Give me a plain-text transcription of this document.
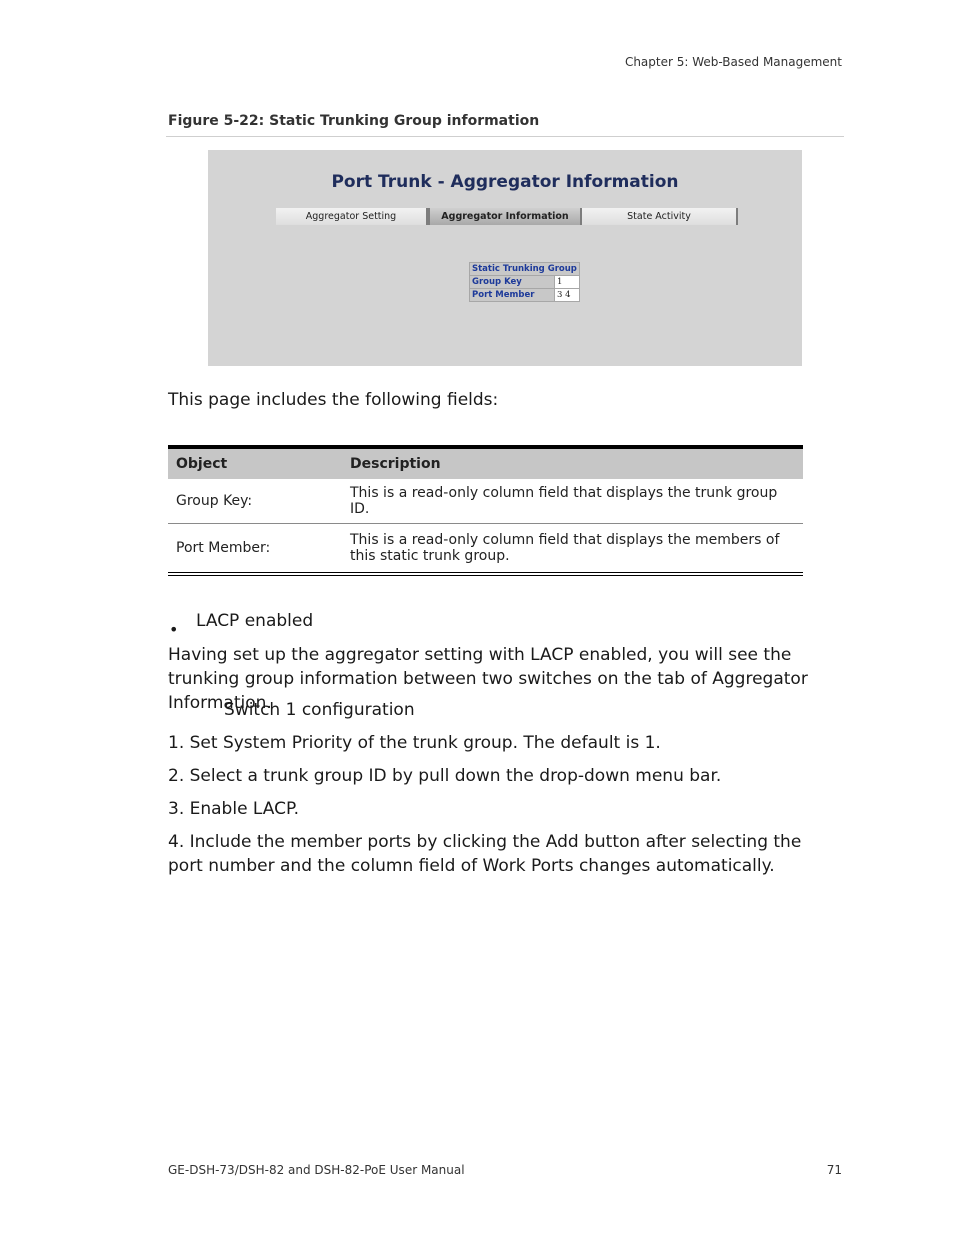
Chapter 5: Web-Based Management
Figure 5-22: Static Trunking Group information
Port Trunk - Aggregator Information
Aggregator Setting	Aggregator Information	State Activity
Static Trunking Group	
Group Key	1
Port Member	3 4
This page includes the following fields:

Object	Description
Group Key:	This is a read-only column field that displays the trunk group ID.
Port Member:	This is a read-only column field that displays the members of this static trunk group.

• LACP enabled
Having set up the aggregator setting with LACP enabled, you will see the trunking group information between two switches on the tab of Aggregator Information.
Switch 1 configuration
1. Set System Priority of the trunk group. The default is 1.
2. Select a trunk group ID by pull down the drop-down menu bar.
3. Enable LACP.
4. Include the member ports by clicking the Add button after selecting the port number and the column field of Work Ports changes automatically.
GE-DSH-73/DSH-82 and DSH-82-PoE User Manual	71
